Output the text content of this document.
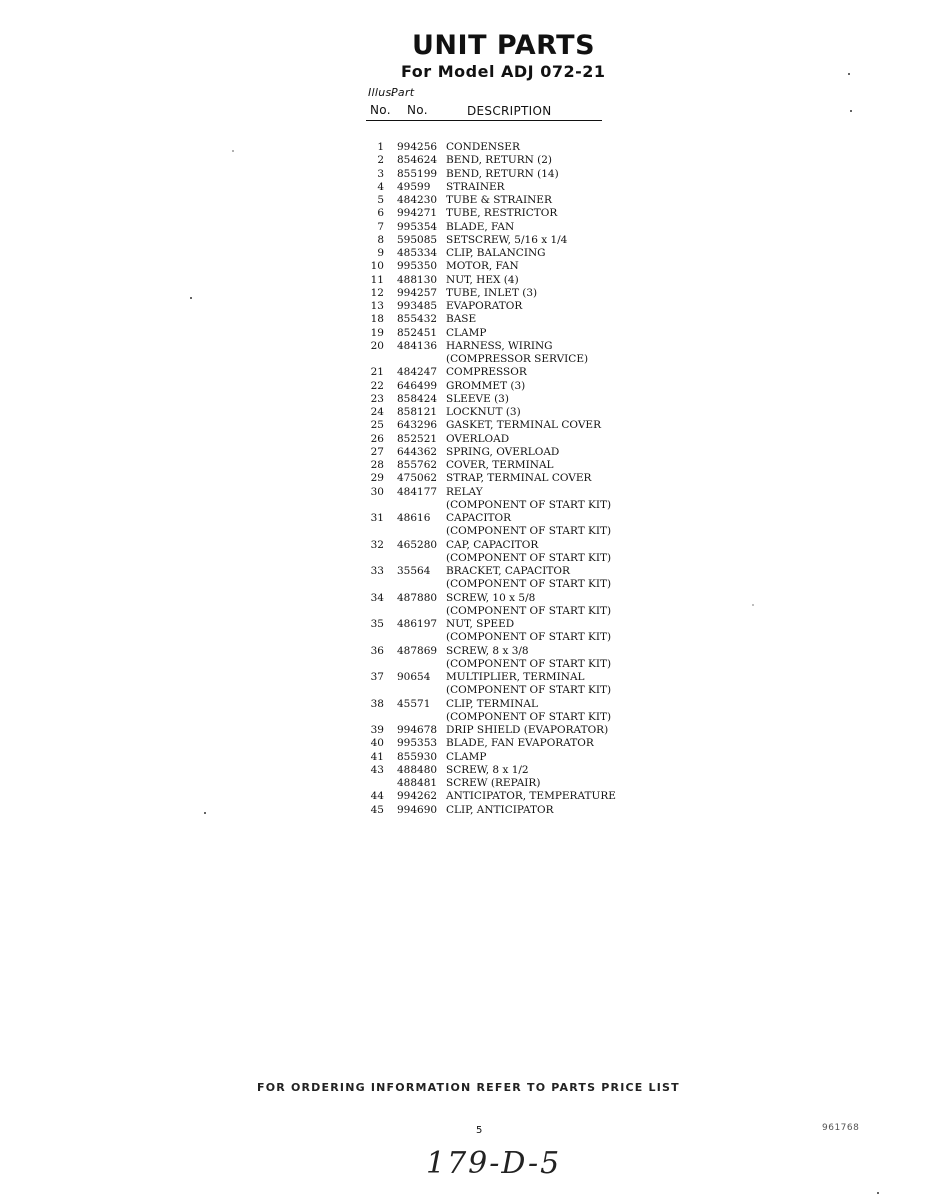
UNIT PARTS
For Model ADJ 072-21
Illus.
Part
No. No.	DESCRIPTION
1 994256 CONDENSER
2 854624 BEND, RETURN (2)
3 855199 BEND, RETURN (14)
4 49599 STRAINER
5 484230 TUBE & STRAINER
6 994271 TUBE, RESTRICTOR
7 995354 BLADE, FAN
8 595085 SETSCREW, 5/16 x 1/4
9 485334 CLIP, BALANCING
10 995350 MOTOR, FAN
11 488130 NUT, HEX (4)
12 994257 TUBE, INLET (3)
13 993485 EVAPORATOR
18 855432 BASE
19 852451 CLAMP
20 484136 HARNESS, WIRING
(COMPRESSOR SERVICE)
21 484247 COMPRESSOR
22 646499 GROMMET (3)
23 858424 SLEEVE (3)
24 858121 LOCKNUT (3)
25 643296 GASKET, TERMINAL COVER
26 852521 OVERLOAD
27 644362 SPRING, OVERLOAD
28 855762 COVER, TERMINAL
29 475062 STRAP, TERMINAL COVER
30 484177 RELAY
(COMPONENT OF START KIT)
31 48616 CAPACITOR
(COMPONENT OF START KIT)
32 465280 CAP, CAPACITOR
(COMPONENT OF START KIT)
33 35564 BRACKET, CAPACITOR
(COMPONENT OF START KIT)
34 487880 SCREW, 10 x 5/8
(COMPONENT OF START KIT)
35 486197 NUT, SPEED
(COMPONENT OF START KIT)
36 487869 SCREW, 8 x 3/8
(COMPONENT OF START KIT)
37 90654 MULTIPLIER, TERMINAL
(COMPONENT OF START KIT)
38 45571 CLIP, TERMINAL
(COMPONENT OF START KIT)
39 994678 DRIP SHIELD (EVAPORATOR)
40 995353 BLADE, FAN EVAPORATOR
41 855930 CLAMP
43 488480 SCREW, 8 x 1/2
488481 SCREW (REPAIR)
44 994262 ANTICIPATOR, TEMPERATURE
45 994690 CLIP, ANTICIPATOR
FOR ORDERING INFORMATION REFER TO PARTS PRICE LIST
5	961768
179-D-5
